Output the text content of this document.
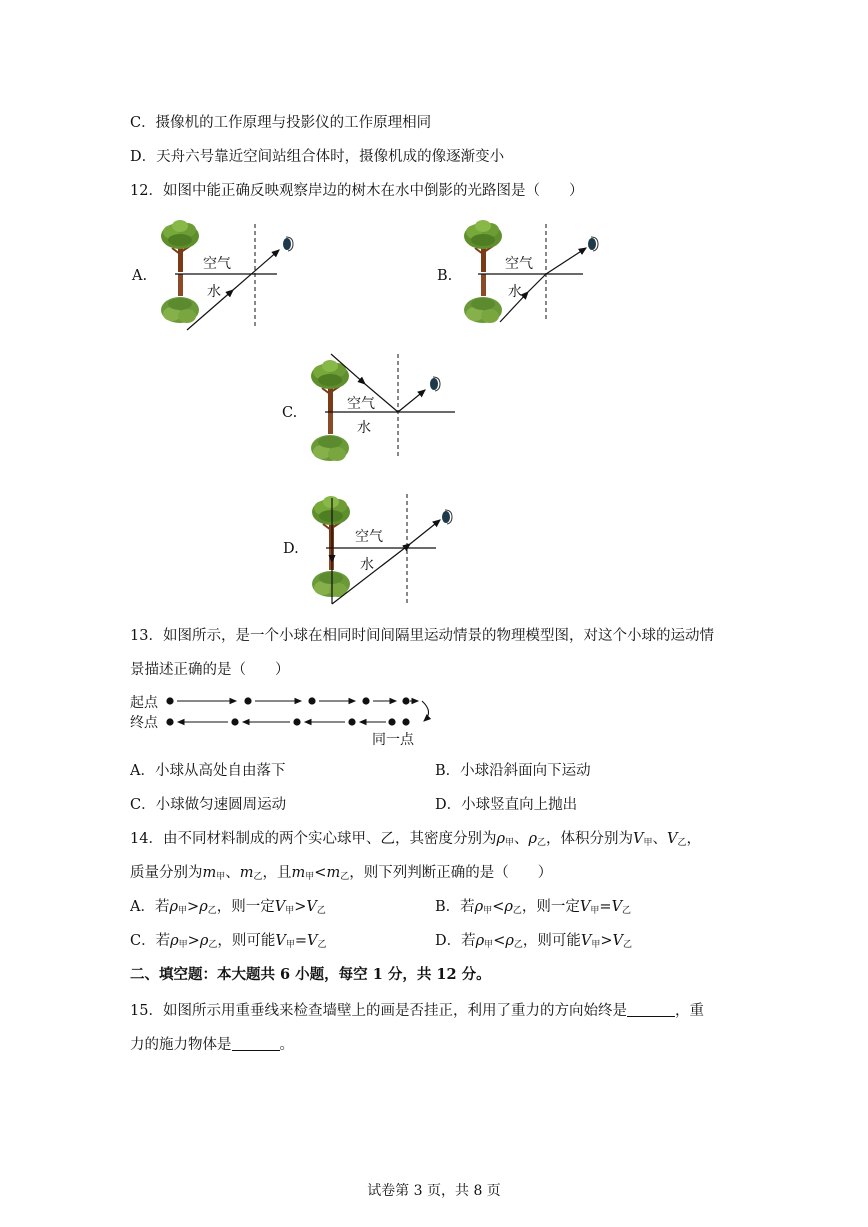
C．摄像机的工作原理与投影仪的工作原理相同
D．天舟六号靠近空间站组合体时，摄像机成的像逐渐变小
12．如图中能正确反映观察岸边的树木在水中倒影的光路图是（　　）
A.
空气
水
B.
空气
水
C.
空气
水
D.
空气
水
13．如图所示，是一个小球在相同时间间隔里运动情景的物理模型图，对这个小球的运动情
景描述正确的是（　　）
起点
终点
同一点
A．小球从高处自由落下	B．小球沿斜面向下运动
C．小球做匀速圆周运动	D．小球竖直向上抛出
14．由不同材料制成的两个实心球甲、乙，其密度分别为$\rho_甲$、$\rho_乙$，体积分别为$V_甲$、$V_乙$，
质量分别为$m_甲$、$m_乙$，且$m_甲<m_乙$，则下列判断正确的是（　　）
A．若$\rho_甲>\rho_乙$，则一定$V_甲>V_乙$	B．若$\rho_甲<\rho_乙$，则一定$V_甲=V_乙$
C．若$\rho_甲>\rho_乙$，则可能$V_甲=V_乙$	D．若$\rho_甲<\rho_乙$，则可能$V_甲>V_乙$
二、填空题：本大题共 6 小题，每空 1 分，共 12 分。
15．如图所示用重垂线来检查墙壁上的画是否挂正，利用了重力的方向始终是	，重
力的施力物体是	。
试卷第 3 页，共 8 页
